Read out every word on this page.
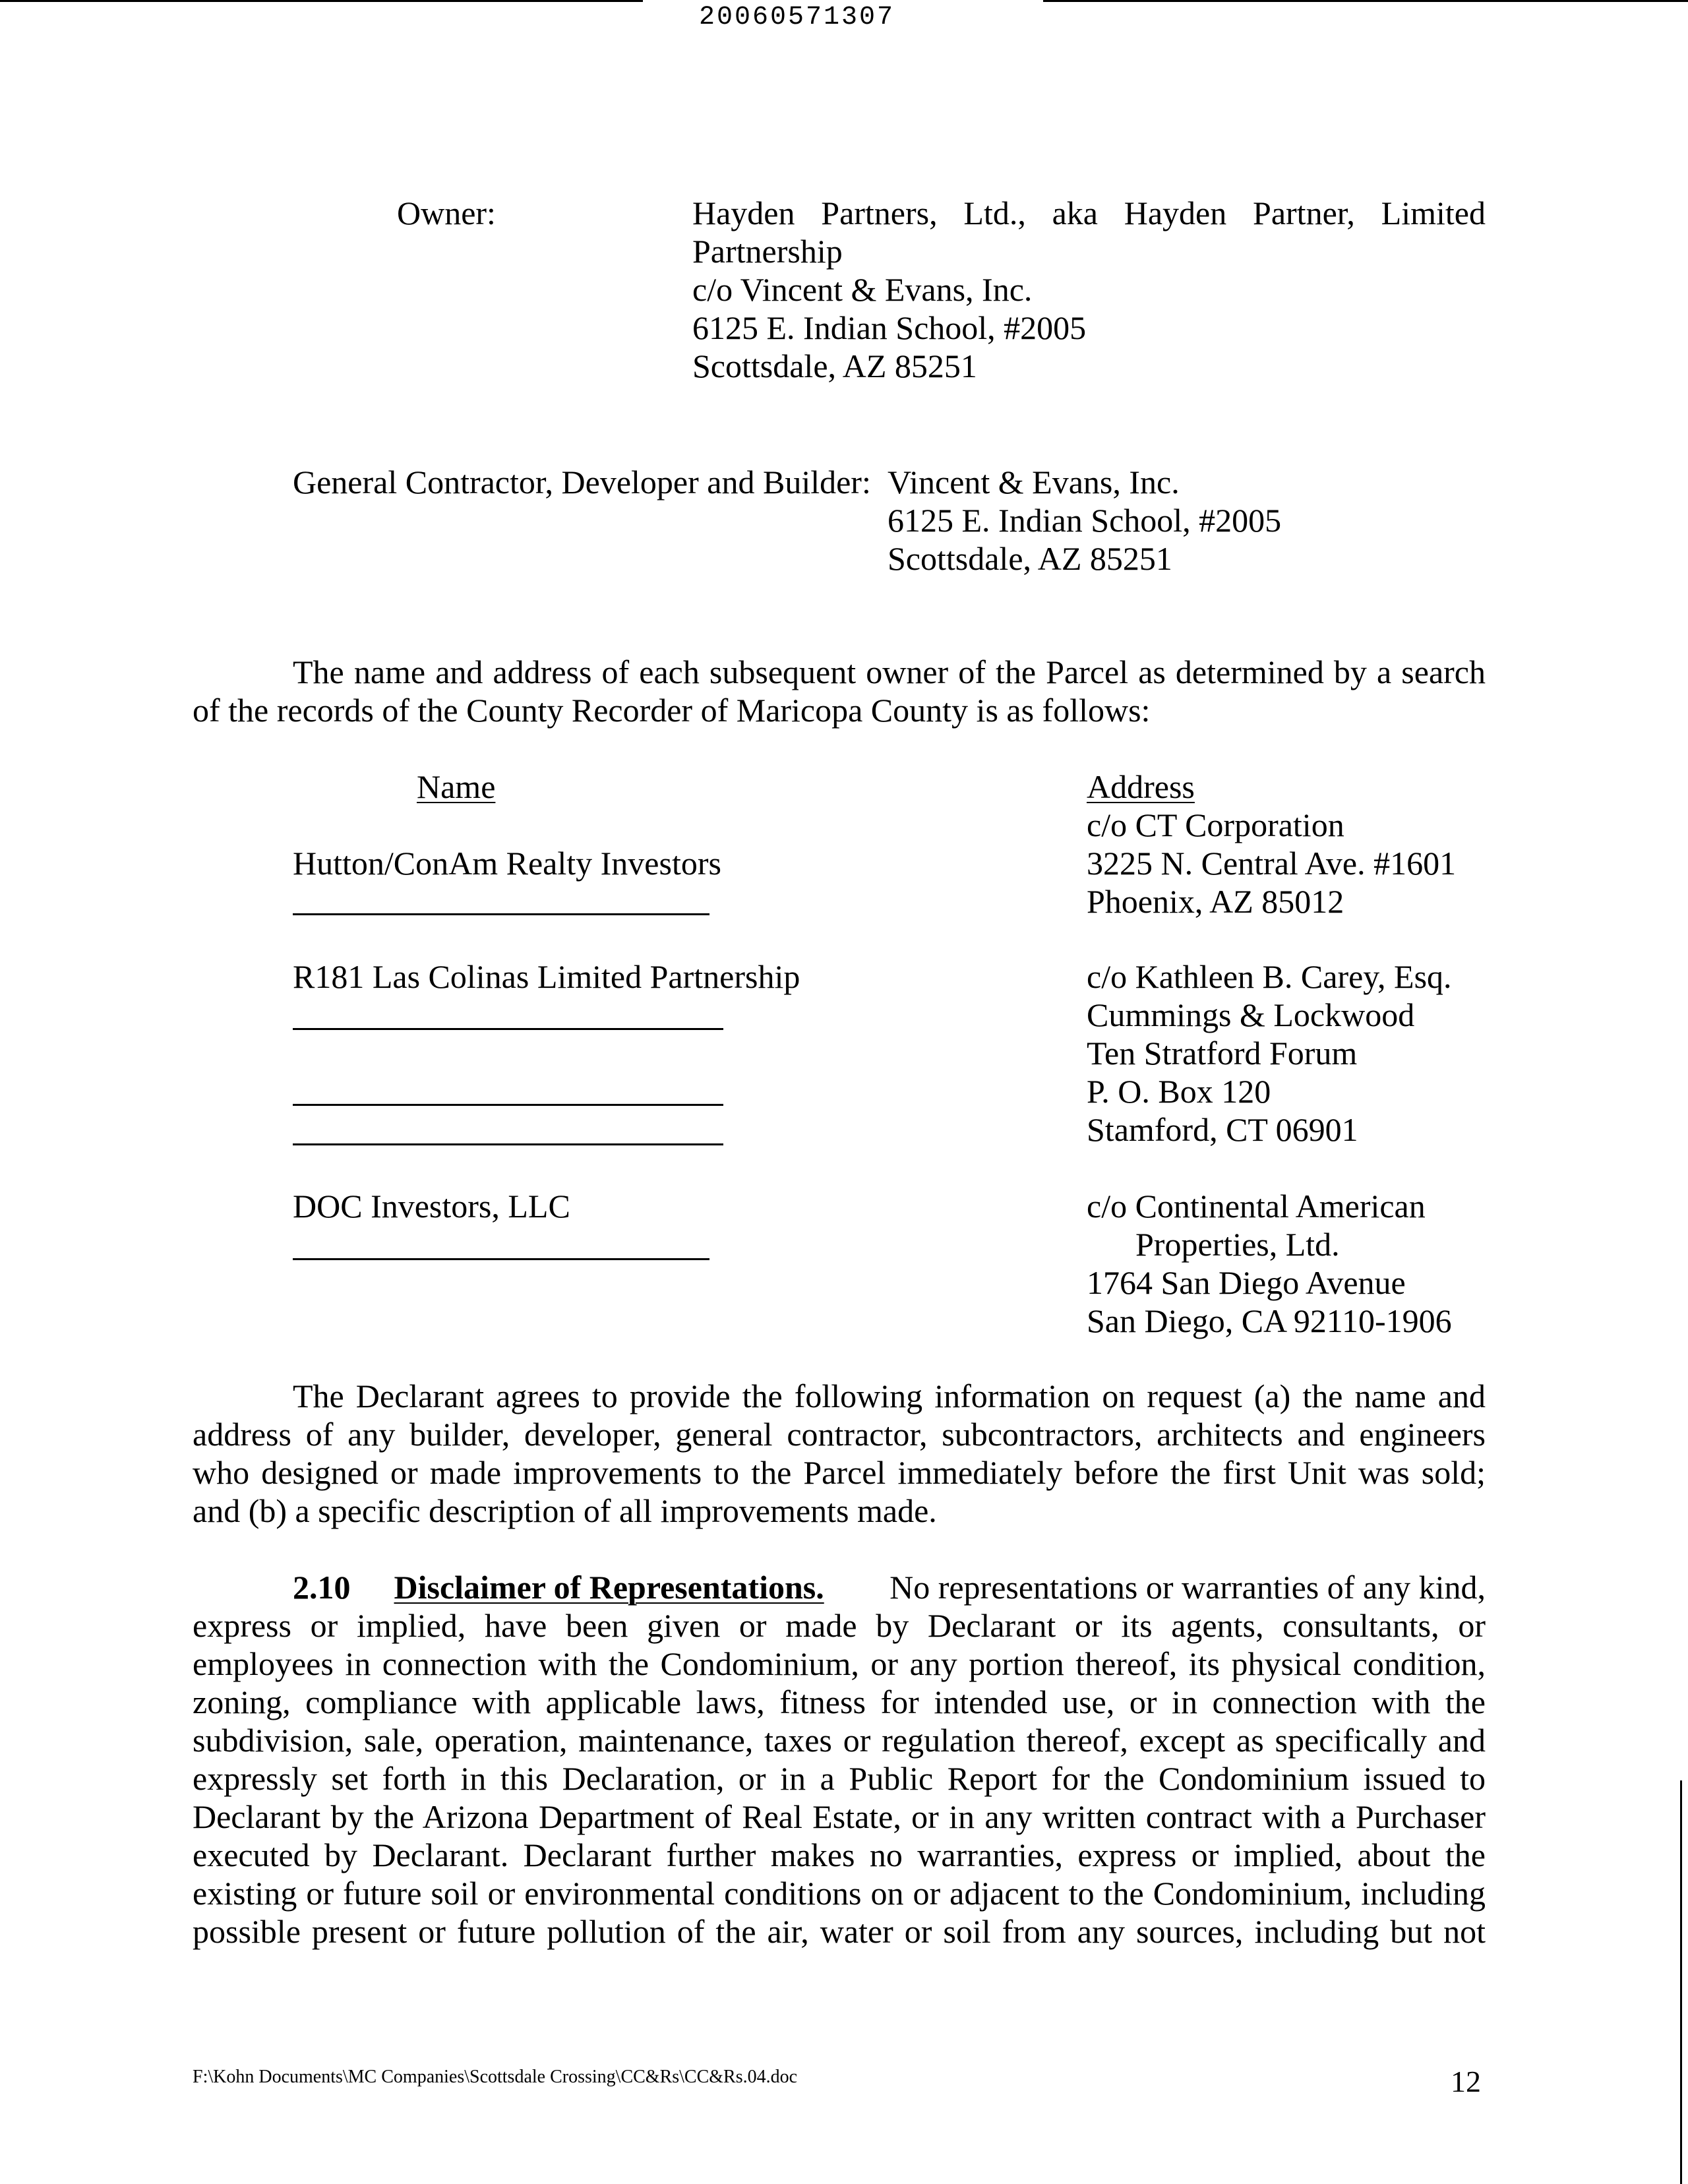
20060571307
Owner:	Hayden Partners, Ltd., aka Hayden Partner, Limited
Partnership
c/o Vincent & Evans, Inc.
6125 E. Indian School, #2005
Scottsdale, AZ 85251
General Contractor, Developer and Builder: Vincent & Evans, Inc.
6125 E. Indian School, #2005
Scottsdale, AZ 85251
The name and address of each subsequent owner of the Parcel as determined by a search
of the records of the County Recorder of Maricopa County is as follows:
Name	Address
Hutton/ConAm Realty Investors
c/o CT Corporation
3225 N. Central Ave. #1601
Phoenix, AZ 85012
R181 Las Colinas Limited Partnership	c/o Kathleen B. Carey, Esq.
Cummings & Lockwood
Ten Stratford Forum
P. O. Box 120
Stamford, CT 06901
DOC Investors, LLC	c/o Continental American
Properties, Ltd.
1764 San Diego Avenue
San Diego, CA 92110-1906
The Declarant agrees to provide the following information on request (a) the name and
address of any builder, developer, general contractor, subcontractors, architects and engineers
who designed or made improvements to the Parcel immediately before the first Unit was sold;
and (b) a specific description of all improvements made.
2.10 Disclaimer of Representations. No representations or warranties of any kind,
express or implied, have been given or made by Declarant or its agents, consultants, or
employees in connection with the Condominium, or any portion thereof, its physical condition,
zoning, compliance with applicable laws, fitness for intended use, or in connection with the
subdivision, sale, operation, maintenance, taxes or regulation thereof, except as specifically and
expressly set forth in this Declaration, or in a Public Report for the Condominium issued to
Declarant by the Arizona Department of Real Estate, or in any written contract with a Purchaser
executed by Declarant. Declarant further makes no warranties, express or implied, about the
existing or future soil or environmental conditions on or adjacent to the Condominium, including
possible present or future pollution of the air, water or soil from any sources, including but not
F:\Kohn Documents\MC Companies\Scottsdale Crossing\CC&Rs\CC&Rs.04.doc	12
